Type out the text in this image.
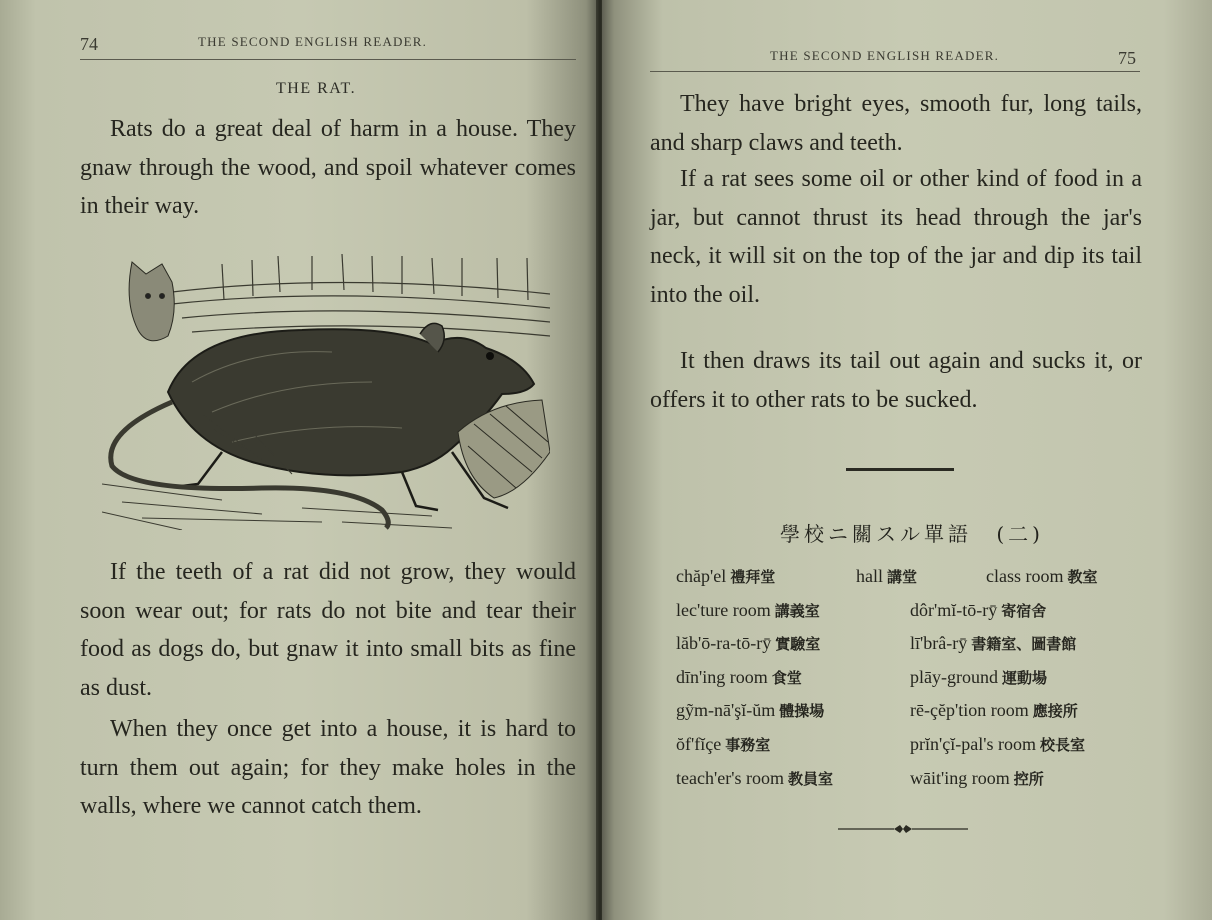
74	THE SECOND ENGLISH READER.
THE RAT.

Rats do a great deal of harm in a house. They gnaw through the wood, and spoil whatever comes in their way.

If the teeth of a rat did not grow, they would soon wear out; for rats do not bite and tear their food as dogs do, but gnaw it into small bits as fine as dust.

When they once get into a house, it is hard to turn them out again; for they make holes in the walls, where we cannot catch them.

THE SECOND ENGLISH READER.	75

They have bright eyes, smooth fur, long tails, and sharp claws and teeth.

If a rat sees some oil or other kind of food in a jar, but cannot thrust its head through the jar's neck, it will sit on the top of the jar and dip its tail into the oil.

It then draws its tail out again and sucks it, or offers it to other rats to be sucked.

學校ニ關スル單語 (二)
chăp'el 禮拜堂	hall 講堂	class room 教室
lec'ture room 講義室	dôr'mĭ-tō-rȳ 寄宿舍
lăb'ō-ra-tō-rȳ 實驗室	lī'brâ-rȳ 書籍室、圖書館
dīn'ing room 食堂	plāy-ground 運動場
gỹm-nā'şĭ-ŭm 體操場	rē-çĕp'tion room 應接所
ŏf'fĭçe 事務室	prĭn'çĭ-pal's room 校長室
teach'er's room 教員室	wāit'ing room 控所
